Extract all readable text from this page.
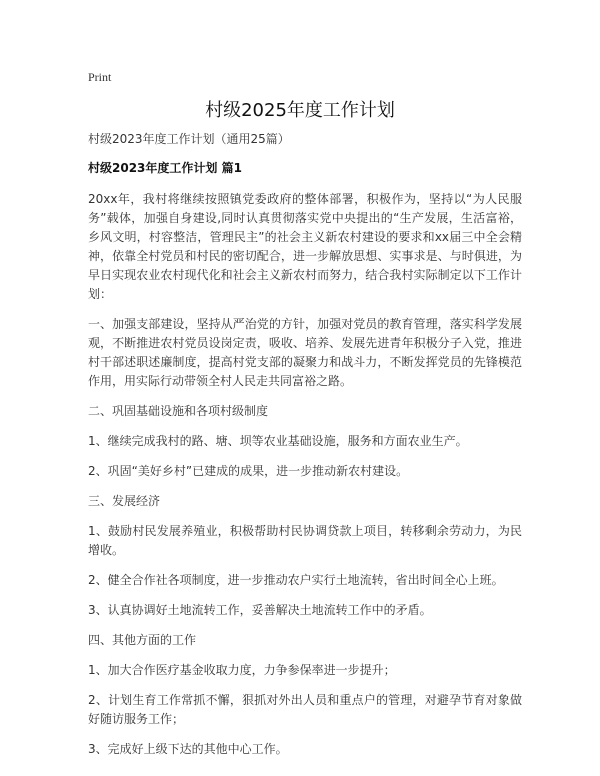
Print
村级2025年度工作计划
村级2023年度工作计划（通用25篇）
村级2023年度工作计划 篇1
20xx年，我村将继续按照镇党委政府的整体部署，积极作为，坚持以“为人民服务”载体，加强自身建设,同时认真贯彻落实党中央提出的“生产发展，生活富裕，乡风文明，村容整洁，管理民主”的社会主义新农村建设的要求和xx届三中全会精神，依靠全村党员和村民的密切配合，进一步解放思想、实事求是、与时俱进，为早日实现农业农村现代化和社会主义新农村而努力，结合我村实际制定以下工作计划：
一、加强支部建设，坚持从严治党的方针，加强对党员的教育管理，落实科学发展观，不断推进农村党员设岗定责，吸收、培养、发展先进青年积极分子入党，推进村干部述职述廉制度，提高村党支部的凝聚力和战斗力，不断发挥党员的先锋模范作用，用实际行动带领全村人民走共同富裕之路。
二、巩固基础设施和各项村级制度
1、继续完成我村的路、塘、坝等农业基础设施，服务和方面农业生产。
2、巩固“美好乡村”已建成的成果，进一步推动新农村建设。
三、发展经济
1、鼓励村民发展养殖业，积极帮助村民协调贷款上项目，转移剩余劳动力，为民增收。
2、健全合作社各项制度，进一步推动农户实行土地流转，省出时间全心上班。
3、认真协调好土地流转工作，妥善解决土地流转工作中的矛盾。
四、其他方面的工作
1、加大合作医疗基金收取力度，力争参保率进一步提升；
2、计划生育工作常抓不懈，狠抓对外出人员和重点户的管理，对避孕节育对象做好随访服务工作；
3、完成好上级下达的其他中心工作。
